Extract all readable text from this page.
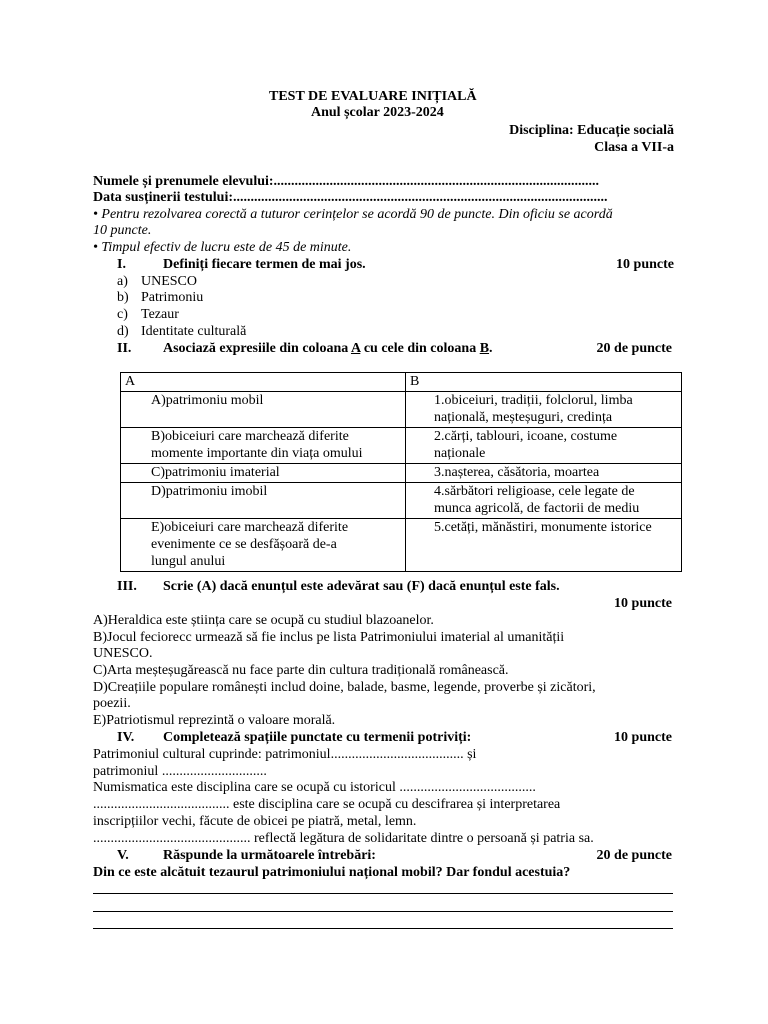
TEST DE EVALUARE INIȚIALĂ
Anul școlar 2023-2024
Disciplina: Educație socială
Clasa a VII-a
Numele și prenumele elevului:.............................................................................................
Data susținerii testului:...........................................................................................................
• Pentru rezolvarea corectă a tuturor cerințelor se acordă 90 de puncte. Din oficiu se acordă
10 puncte.
• Timpul efectiv de lucru este de 45 de minute.
I.	Definiți fiecare termen de mai jos.	10 puncte
a) UNESCO
b) Patrimoniu
c) Tezaur
d) Identitate culturală
II. Asociază expresiile din coloana A cu cele din coloana B.	20 de puncte
A	B

A)patrimoniu mobil	1.obiceiuri, tradiții, folclorul, limba
națională, meșteșuguri, credința

B)obiceiuri care marchează diferite
momente importante din viața omului	2.cărți, tablouri, icoane, costume
naționale

C)patrimoniu imaterial	3.nașterea, căsătoria, moartea

D)patrimoniu imobil	4.sărbători religioase, cele legate de
munca agricolă, de factorii de mediu

E)obiceiuri care marchează diferite
evenimente ce se desfășoară de-a
lungul anului	5.cetăți, mănăstiri, monumente istorice
III. Scrie (A) dacă enunțul este adevărat sau (F) dacă enunțul este fals.
10 puncte
A)Heraldica este știința care se ocupă cu studiul blazoanelor.
B)Jocul feciorесc urmează să fie inclus pe lista Patrimoniului imaterial al umanității
UNESCO.
C)Arta meșteșugărească nu face parte din cultura tradițională românească.
D)Creațiile populare românești includ doine, balade, basme, legende, proverbe și zicători,
poezii.
E)Patriotismul reprezintă o valoare morală.
IV. Completează spațiile punctate cu termenii potriviți:	10 puncte
Patrimoniul cultural cuprinde: patrimoniul...................................... și
patrimoniul ..............................
Numismatica este disciplina care se ocupă cu istoricul .......................................
....................................... este disciplina care se ocupă cu descifrarea și interpretarea
inscripțiilor vechi, făcute de obicei pe piatră, metal, lemn.
............................................. reflectă legătura de solidaritate dintre o persoană și patria sa.
V. Răspunde la următoarele întrebări:	20 de puncte
Din ce este alcătuit tezaurul patrimoniului național mobil? Dar fondul acestuia?
